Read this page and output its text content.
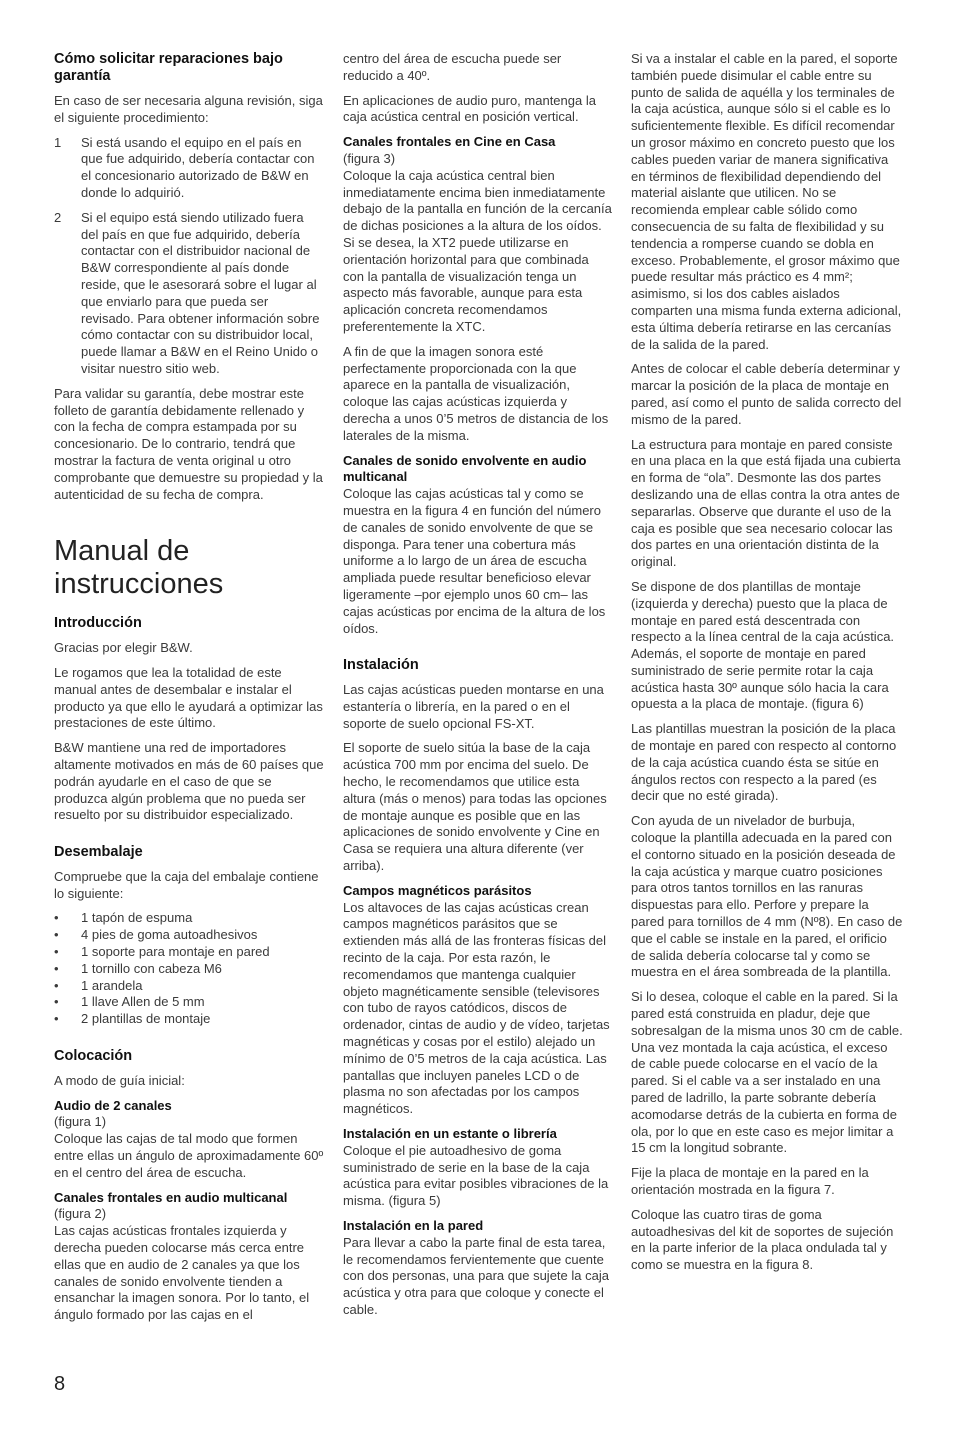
Cómo solicitar reparaciones bajo garantía

En caso de ser necesaria alguna revisión, siga el siguiente procedimiento:

1	Si está usando el equipo en el país en que fue adquirido, debería contactar con el concesionario autorizado de B&W en donde lo adquirió.
2	Si el equipo está siendo utilizado fuera del país en que fue adquirido, debería contactar con el distribuidor nacional de B&W correspondiente al país donde reside, que le asesorará sobre el lugar al que enviarlo para que pueda ser revisado. Para obtener información sobre cómo contactar con su distribuidor local, puede llamar a B&W en el Reino Unido o visitar nuestro sitio web.

Para validar su garantía, debe mostrar este folleto de garantía debidamente rellenado y con la fecha de compra estampada por su concesionario. De lo contrario, tendrá que mostrar la factura de venta original u otro comprobante que demuestre su propiedad y la autenticidad de su fecha de compra.

Manual de
instrucciones
Introducción

Gracias por elegir B&W.

Le rogamos que lea la totalidad de este manual antes de desembalar e instalar el producto ya que ello le ayudará a optimizar las prestaciones de este último.

B&W mantiene una red de importadores altamente motivados en más de 60 países que podrán ayudarle en el caso de que se produzca algún problema que no pueda ser resuelto por su distribuidor especializado.

Desembalaje

Compruebe que la caja del embalaje contiene lo siguiente:

•	1 tapón de espuma
•	4 pies de goma autoadhesivos
•	1 soporte para montaje en pared
•	1 tornillo con cabeza M6
•	1 arandela
•	1 llave Allen de 5 mm
•	2 plantillas de montaje
Colocación

A modo de guía inicial:

Audio de 2 canales
(figura 1)

Coloque las cajas de tal modo que formen entre ellas un ángulo de aproximadamente 60º en el centro del área de escucha.

Canales frontales en audio multicanal
(figura 2)

Las cajas acústicas frontales izquierda y derecha pueden colocarse más cerca entre ellas que en audio de 2 canales ya que los canales de sonido envolvente tienden a ensanchar la imagen sonora. Por lo tanto, el ángulo formado por las cajas en el

centro del área de escucha puede ser reducido a 40º.

En aplicaciones de audio puro, mantenga la caja acústica central en posición vertical.

Canales frontales en Cine en Casa
(figura 3)

Coloque la caja acústica central bien inmediatamente encima bien inmediatamente debajo de la pantalla en función de la cercanía de dichas posiciones a la altura de los oídos. Si se desea, la XT2 puede utilizarse en orientación horizontal para que combinada con la pantalla de visualización tenga un aspecto más favorable, aunque para esta aplicación concreta recomendamos preferentemente la XTC.

A fin de que la imagen sonora esté perfectamente proporcionada con la que aparece en la pantalla de visualización, coloque las cajas acústicas izquierda y derecha a unos 0’5 metros de distancia de los laterales de la misma.

Canales de sonido envolvente en audio multicanal

Coloque las cajas acústicas tal y como se muestra en la figura 4 en función del número de canales de sonido envolvente de que se disponga. Para tener una cobertura más uniforme a lo largo de un área de escucha ampliada puede resultar beneficioso elevar ligeramente –por ejemplo unos 60 cm– las cajas acústicas por encima de la altura de los oídos.

Instalación

Las cajas acústicas pueden montarse en una estantería o librería, en la pared o en el soporte de suelo opcional FS-XT.

El soporte de suelo sitúa la base de la caja acústica 700 mm por encima del suelo. De hecho, le recomendamos que utilice esta altura (más o menos) para todas las opciones de montaje aunque es posible que en las aplicaciones de sonido envolvente y Cine en Casa se requiera una altura diferente (ver arriba).

Campos magnéticos parásitos

Los altavoces de las cajas acústicas crean campos magnéticos parásitos que se extienden más allá de las fronteras físicas del recinto de la caja. Por esta razón, le recomendamos que mantenga cualquier objeto magnéticamente sensible (televisores con tubo de rayos catódicos, discos de ordenador, cintas de audio y de vídeo, tarjetas magnéticas y cosas por el estilo) alejado un mínimo de 0’5 metros de la caja acústica. Las pantallas que incluyen paneles LCD o de plasma no son afectadas por los campos magnéticos.

Instalación en un estante o librería

Coloque el pie autoadhesivo de goma suministrado de serie en la base de la caja acústica para evitar posibles vibraciones de la misma. (figura 5)

Instalación en la pared

Para llevar a cabo la parte final de esta tarea, le recomendamos fervientemente que cuente con dos personas, una para que sujete la caja acústica y otra para que coloque y conecte el cable.

Si va a instalar el cable en la pared, el soporte también puede disimular el cable entre su punto de salida de aquélla y los terminales de la caja acústica, aunque sólo si el cable es lo suficientemente flexible. Es difícil recomendar un grosor máximo en concreto puesto que los cables pueden variar de manera significativa en términos de flexibilidad dependiendo del material aislante que utilicen. No se recomienda emplear cable sólido como consecuencia de su falta de flexibilidad y su tendencia a romperse cuando se dobla en exceso. Probablemente, el grosor máximo que puede resultar más práctico es 4 mm²; asimismo, si los dos cables aislados comparten una misma funda externa adicional, esta última debería retirarse en las cercanías de la salida de la pared.

Antes de colocar el cable debería determinar y marcar la posición de la placa de montaje en pared, así como el punto de salida correcto del mismo de la pared.

La estructura para montaje en pared consiste en una placa en la que está fijada una cubierta en forma de “ola”. Desmonte las dos partes deslizando una de ellas contra la otra antes de separarlas. Observe que durante el uso de la caja es posible que sea necesario colocar las dos partes en una orientación distinta de la original.

Se dispone de dos plantillas de montaje (izquierda y derecha) puesto que la placa de montaje en pared está descentrada con respecto a la línea central de la caja acústica. Además, el soporte de montaje en pared suministrado de serie permite rotar la caja acústica hasta 30º aunque sólo hacia la cara opuesta a la placa de montaje. (figura 6)

Las plantillas muestran la posición de la placa de montaje en pared con respecto al contorno de la caja acústica cuando ésta se sitúe en ángulos rectos con respecto a la pared (es decir que no esté girada).

Con ayuda de un nivelador de burbuja, coloque la plantilla adecuada en la pared con el contorno situado en la posición deseada de la caja acústica y marque cuatro posiciones para otros tantos tornillos en las ranuras dispuestas para ello. Perfore y prepare la pared para tornillos de 4 mm (Nº8). En caso de que el cable se instale en la pared, el orificio de salida debería colocarse tal y como se muestra en el área sombreada de la plantilla.

Si lo desea, coloque el cable en la pared. Si la pared está construida en pladur, deje que sobresalgan de la misma unos 30 cm de cable. Una vez montada la caja acústica, el exceso de cable puede colocarse en el vacío de la pared. Si el cable va a ser instalado en una pared de ladrillo, la parte sobrante debería acomodarse detrás de la cubierta en forma de ola, por lo que en este caso es mejor limitar a 15 cm la longitud sobrante.

Fije la placa de montaje en la pared en la orientación mostrada en la figura 7.

Coloque las cuatro tiras de goma autoadhesivas del kit de soportes de sujeción en la parte inferior de la placa ondulada tal y como se muestra en la figura 8.

8
